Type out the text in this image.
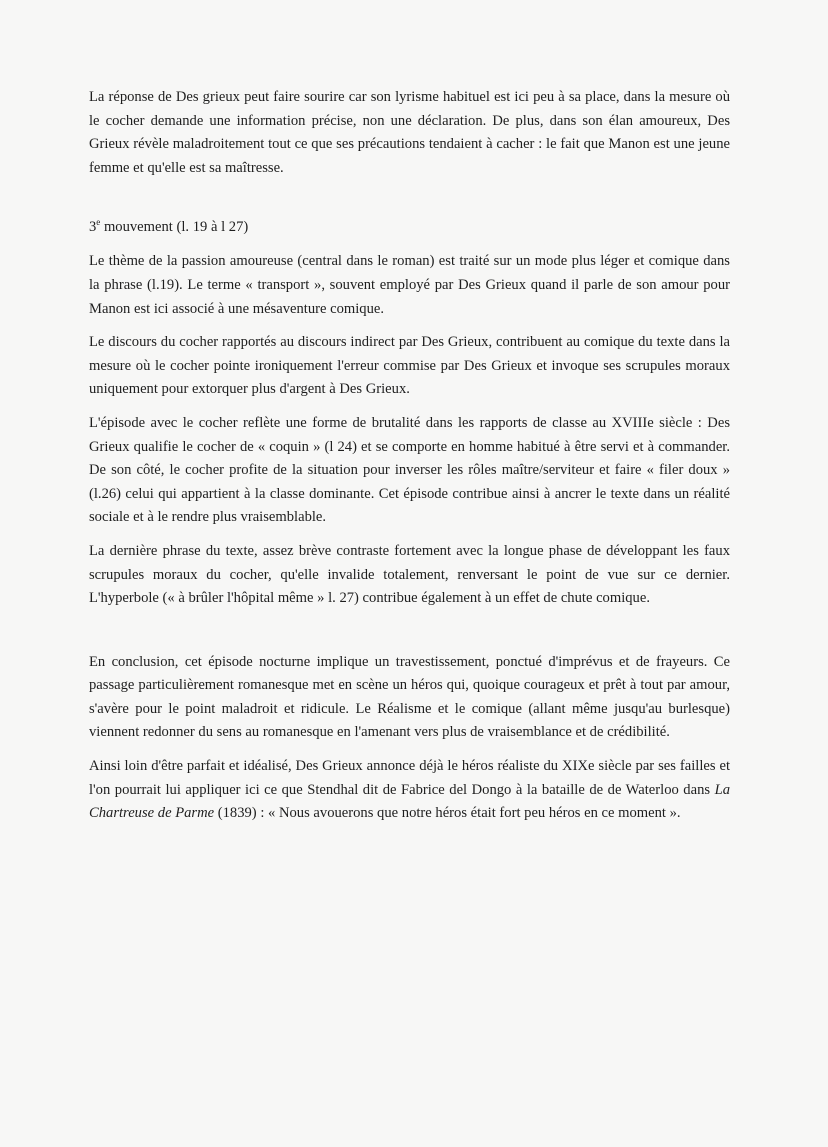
La réponse de Des grieux peut faire sourire car son lyrisme habituel est ici peu à sa place, dans la mesure où le cocher demande une information précise, non une déclaration. De plus, dans son élan amoureux, Des Grieux révèle maladroitement tout ce que ses précautions tendaient à cacher : le fait que Manon est une jeune femme et qu'elle est sa maîtresse.

3e mouvement (l. 19 à l 27)

Le thème de la passion amoureuse (central dans le roman) est traité sur un mode plus léger et comique dans la phrase (l.19). Le terme « transport », souvent employé par Des Grieux quand il parle de son amour pour Manon est ici associé à une mésaventure comique.

Le discours du cocher rapportés au discours indirect par Des Grieux, contribuent au comique du texte dans la mesure où le cocher pointe ironiquement l'erreur commise par Des Grieux et invoque ses scrupules moraux uniquement pour extorquer plus d'argent à Des Grieux.

L'épisode avec le cocher reflète une forme de brutalité dans les rapports de classe au XVIIIe siècle : Des Grieux qualifie le cocher de « coquin » (l 24) et se comporte en homme habitué à être servi et à commander. De son côté, le cocher profite de la situation pour inverser les rôles maître/serviteur et faire « filer doux » (l.26) celui qui appartient à la classe dominante. Cet épisode contribue ainsi à ancrer le texte dans un réalité sociale et à le rendre plus vraisemblable.

La dernière phrase du texte, assez brève contraste fortement avec la longue phase de développant les faux scrupules moraux du cocher, qu'elle invalide totalement, renversant le point de vue sur ce dernier. L'hyperbole (« à brûler l'hôpital même » l. 27) contribue également à un effet de chute comique.

En conclusion, cet épisode nocturne implique un travestissement, ponctué d'imprévus et de frayeurs. Ce passage particulièrement romanesque met en scène un héros qui, quoique courageux et prêt à tout par amour, s'avère pour le point maladroit et ridicule. Le Réalisme et le comique (allant même jusqu'au burlesque) viennent redonner du sens au romanesque en l'amenant vers plus de vraisemblance et de crédibilité.

Ainsi loin d'être parfait et idéalisé, Des Grieux annonce déjà le héros réaliste du XIXe siècle par ses failles et l'on pourrait lui appliquer ici ce que Stendhal dit de Fabrice del Dongo à la bataille de de Waterloo dans La Chartreuse de Parme (1839) : « Nous avouerons que notre héros était fort peu héros en ce moment ».
